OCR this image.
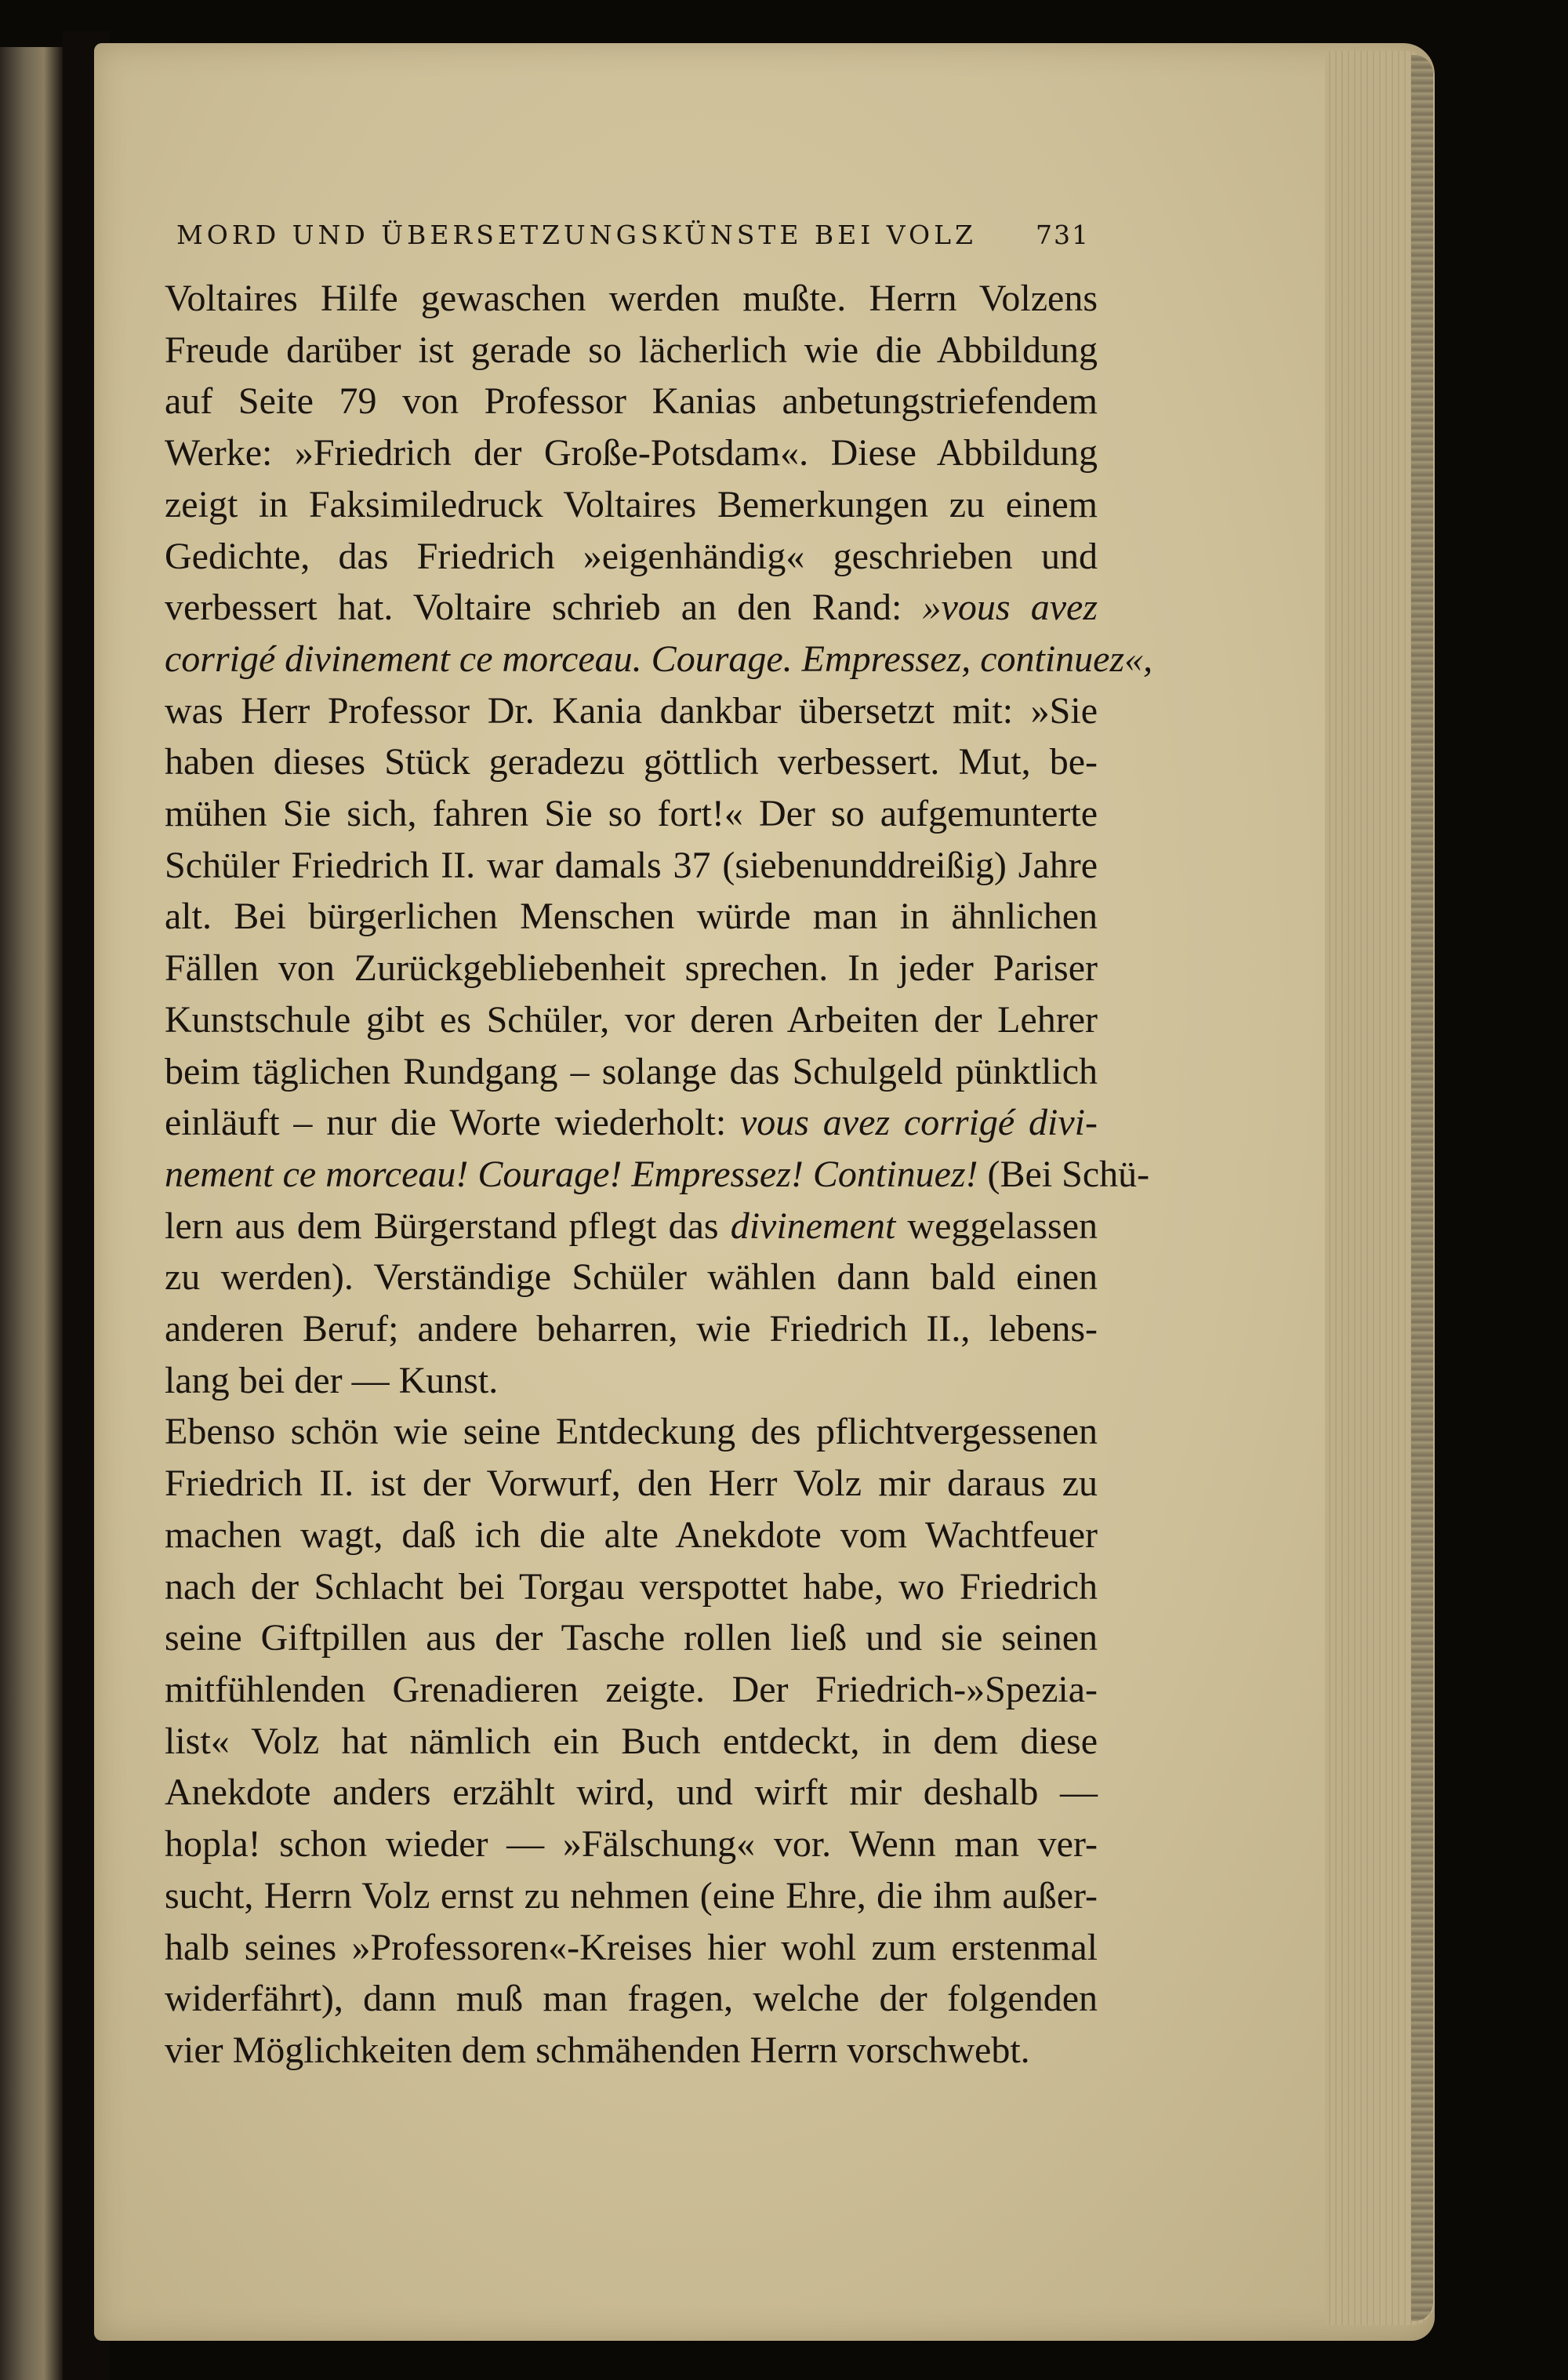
MORD UND ÜBERSETZUNGSKÜNSTE BEI VOLZ 731
Voltaires Hilfe gewaschen werden mußte. Herrn Volzens
Freude darüber ist gerade so lächerlich wie die Abbildung
auf Seite 79 von Professor Kanias anbetungstriefendem
Werke: »Friedrich der Große-Potsdam«. Diese Abbildung
zeigt in Faksimiledruck Voltaires Bemerkungen zu einem
Gedichte, das Friedrich »eigenhändig« geschrieben und
verbessert hat. Voltaire schrieb an den Rand: »vous avez
corrigé divinement ce morceau. Courage. Empressez, continuez«,
was Herr Professor Dr. Kania dankbar übersetzt mit: »Sie
haben dieses Stück geradezu göttlich verbessert. Mut, be-
mühen Sie sich, fahren Sie so fort!« Der so aufgemunterte
Schüler Friedrich II. war damals 37 (siebenunddreißig) Jahre
alt. Bei bürgerlichen Menschen würde man in ähnlichen
Fällen von Zurückgebliebenheit sprechen. In jeder Pariser
Kunstschule gibt es Schüler, vor deren Arbeiten der Lehrer
beim täglichen Rundgang – solange das Schulgeld pünktlich
einläuft – nur die Worte wiederholt: vous avez corrigé divi-
nement ce morceau! Courage! Empressez! Continuez! (Bei Schü-
lern aus dem Bürgerstand pflegt das divinement weggelassen
zu werden). Verständige Schüler wählen dann bald einen
anderen Beruf; andere beharren, wie Friedrich II., lebens-
lang bei der — Kunst.
Ebenso schön wie seine Entdeckung des pflichtvergessenen
Friedrich II. ist der Vorwurf, den Herr Volz mir daraus zu
machen wagt, daß ich die alte Anekdote vom Wachtfeuer
nach der Schlacht bei Torgau verspottet habe, wo Friedrich
seine Giftpillen aus der Tasche rollen ließ und sie seinen
mitfühlenden Grenadieren zeigte. Der Friedrich-»Spezia-
list« Volz hat nämlich ein Buch entdeckt, in dem diese
Anekdote anders erzählt wird, und wirft mir deshalb —
hopla! schon wieder — »Fälschung« vor. Wenn man ver-
sucht, Herrn Volz ernst zu nehmen (eine Ehre, die ihm außer-
halb seines »Professoren«-Kreises hier wohl zum erstenmal
widerfährt), dann muß man fragen, welche der folgenden
vier Möglichkeiten dem schmähenden Herrn vorschwebt.
